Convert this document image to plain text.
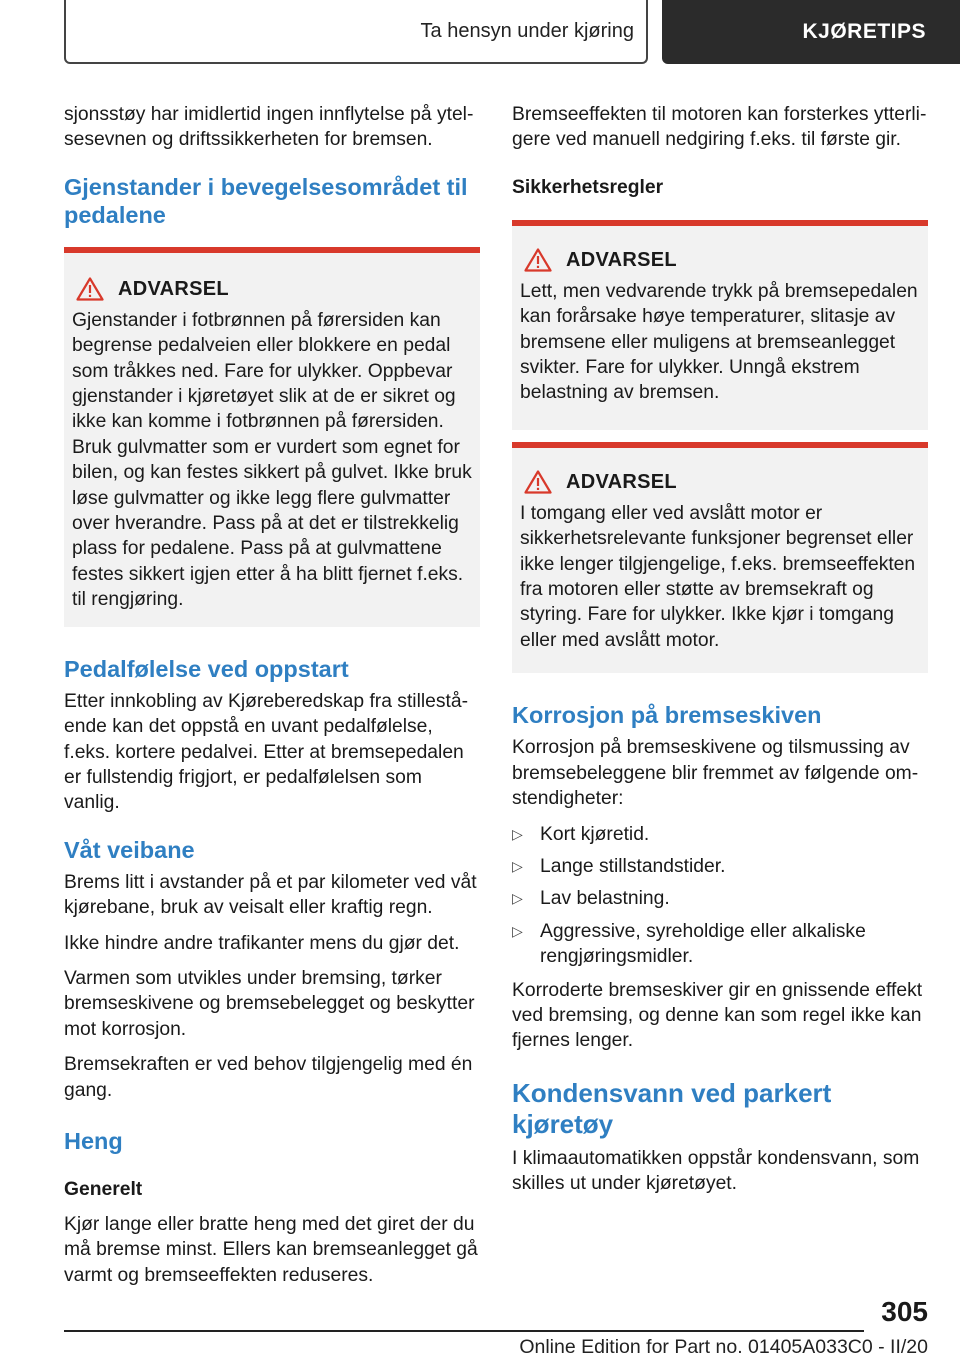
Ta hensyn under kjøring	KJØRETIPS

sjonsstøy har imidlertid ingen innflytelse på ytelsesevnen og driftssikkerheten for bremsen.

Gjenstander i bevegelsesområdet til pedalene
ADVARSEL

Gjenstander i fotbrønnen på førersiden kan begrense pedalveien eller blokkere en pedal som tråkkes ned. Fare for ulykker. Oppbevar gjenstander i kjøretøyet slik at de er sikret og ikke kan komme i fotbrønnen på førersiden. Bruk gulvmatter som er vurdert som egnet for bilen, og kan festes sikkert på gulvet. Ikke bruk løse gulvmatter og ikke legg flere gulvmatter over hverandre. Pass på at det er tilstrekkelig plass for pedalene. Pass på at gulvmattene festes sikkert igjen etter å ha blitt fjernet f.eks. til rengjøring.

Pedalfølelse ved oppstart

Etter innkobling av Kjøreberedskap fra stillestående kan det oppstå en uvant pedalfølelse, f.eks. kortere pedalvei. Etter at bremsepedalen er fullstendig frigjort, er pedalfølelsen som vanlig.

Våt veibane

Brems litt i avstander på et par kilometer ved våt kjørebane, bruk av veisalt eller kraftig regn.

Ikke hindre andre trafikanter mens du gjør det.

Varmen som utvikles under bremsing, tørker bremseskivene og bremsebelegget og beskytter mot korrosjon.

Bremsekraften er ved behov tilgjengelig med én gang.

Heng
Generelt

Kjør lange eller bratte heng med det giret der du må bremse minst. Ellers kan bremseanlegget gå varmt og bremseeffekten reduseres.

Bremseeffekten til motoren kan forsterkes ytterligere ved manuell nedgiring f.eks. til første gir.

Sikkerhetsregler
ADVARSEL

Lett, men vedvarende trykk på bremsepedalen kan forårsake høye temperaturer, slitasje av bremsene eller muligens at bremseanlegget svikter. Fare for ulykker. Unngå ekstrem belastning av bremsen.

ADVARSEL

I tomgang eller ved avslått motor er sikkerhetsrelevante funksjoner begrenset eller ikke lenger tilgjengelige, f.eks. bremseeffekten fra motoren eller støtte av bremsekraft og styring. Fare for ulykker. Ikke kjør i tomgang eller med avslått motor.

Korrosjon på bremseskiven

Korrosjon på bremseskivene og tilsmussing av bremsebeleggene blir fremmet av følgende omstendigheter:

▷ Kort kjøretid.
▷ Lange stillstandstider.
▷ Lav belastning.
▷ Aggressive, syreholdige eller alkaliske rengjøringsmidler.

Korroderte bremseskiver gir en gnissende effekt ved bremsing, og denne kan som regel ikke kan fjernes lenger.

Kondensvann ved parkert kjøretøy

I klimaautomatikken oppstår kondensvann, som skilles ut under kjøretøyet.

305
Online Edition for Part no. 01405A033C0 - II/20
